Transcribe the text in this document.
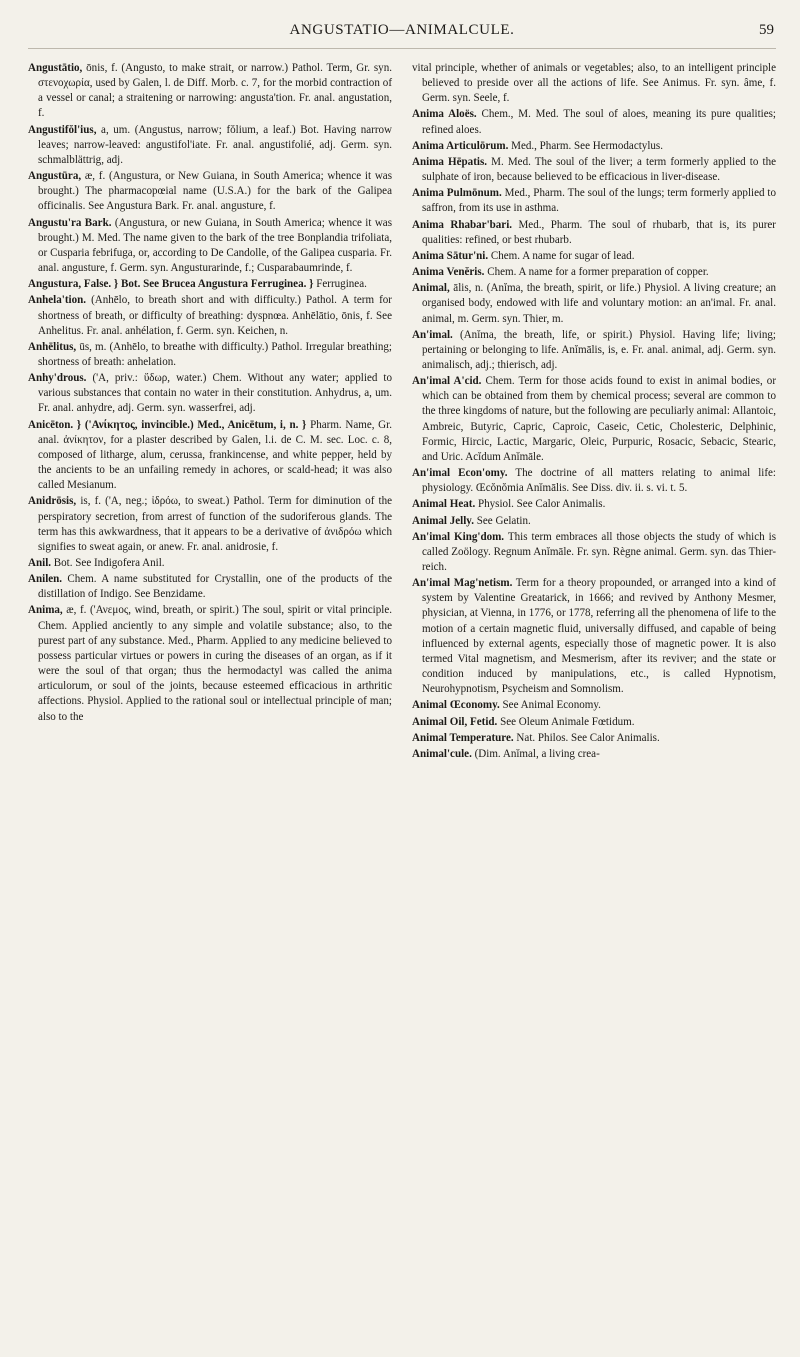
ANGUSTATIO—ANIMALCULE.	59

Angustātio, ōnis, f. (Angusto, to make strait, or narrow.) Pathol. Term, Gr. syn. στενοχωρία, used by Galen, l. de Diff. Morb. c. 7, for the morbid contraction of a vessel or canal; a straitening or narrowing: angusta'tion. Fr. anal. angustation, f.

Angustifŏl'ius, a, um. (Angustus, narrow; fŏlium, a leaf.) Bot. Having narrow leaves; narrow-leaved: angustifol'iate. Fr. anal. angustifolié, adj. Germ. syn. schmalblättrig, adj.

Angustūra, æ, f. (Angustura, or New Guiana, in South America; whence it was brought.) The pharmacopœial name (U.S.A.) for the bark of the Galipea officinalis. See Angustura Bark. Fr. anal. angusture, f.

Angustu'ra Bark. (Angustura, or new Guiana, in South America; whence it was brought.) M. Med. The name given to the bark of the tree Bonplandia trifoliata, or Cusparia febrifuga, or, according to De Candolle, of the Galipea cusparia. Fr. anal. angusture, f. Germ. syn. Angusturarinde, f.; Cusparabaumrinde, f.

Angustura, False. } Bot. See Brucea Angustura Ferruginea. } Ferruginea.

Anhela'tion. (Anhēlo, to breath short and with difficulty.) Pathol. A term for shortness of breath, or difficulty of breathing: dyspnœa. Anhēlātio, ōnis, f. See Anhelitus. Fr. anal. anhélation, f. Germ. syn. Keichen, n.

Anhēlitus, ūs, m. (Anhēlo, to breathe with difficulty.) Pathol. Irregular breathing; shortness of breath: anhelation.

Anhy'drous. ('A, priv.: ὕδωρ, water.) Chem. Without any water; applied to various substances that contain no water in their constitution. Anhydrus, a, um. Fr. anal. anhydre, adj. Germ. syn. wasserfrei, adj.

Anicēton. } ('Ανίκητος, invincible.) Med., Anicētum, i, n. } Pharm. Name, Gr. anal. ἀνίκητον, for a plaster described by Galen, l.i. de C. M. sec. Loc. c. 8, composed of litharge, alum, cerussa, frankincense, and white pepper, held by the ancients to be an unfailing remedy in achores, or scald-head; it was also called Mesianum.

Anidrōsis, is, f. ('A, neg.; ἱδρόω, to sweat.) Pathol. Term for diminution of the perspiratory secretion, from arrest of function of the sudoriferous glands. The term has this awkwardness, that it appears to be a derivative of ἀνιδρόω which signifies to sweat again, or anew. Fr. anal. anidrosie, f.

Anil. Bot. See Indigofera Anil.

Anilen. Chem. A name substituted for Crystallin, one of the products of the distillation of Indigo. See Benzidame.

Anima, æ, f. ('Ανεμος, wind, breath, or spirit.) The soul, spirit or vital principle. Chem. Applied anciently to any simple and volatile substance; also, to the purest part of any substance. Med., Pharm. Applied to any medicine believed to possess particular virtues or powers in curing the diseases of an organ, as if it were the soul of that organ; thus the hermodactyl was called the anima articulorum, or soul of the joints, because esteemed efficacious in arthritic affections. Physiol. Applied to the rational soul or intellectual principle of man; also to the

vital principle, whether of animals or vegetables; also, to an intelligent principle believed to preside over all the actions of life. See Animus. Fr. syn. âme, f. Germ. syn. Seele, f.

Anima Aloës. Chem., M. Med. The soul of aloes, meaning its pure qualities; refined aloes.

Anima Articulōrum. Med., Pharm. See Hermodactylus.

Anima Hēpatis. M. Med. The soul of the liver; a term formerly applied to the sulphate of iron, because believed to be efficacious in liver-disease.

Anima Pulmōnum. Med., Pharm. The soul of the lungs; term formerly applied to saffron, from its use in asthma.

Anima Rhabar'bari. Med., Pharm. The soul of rhubarb, that is, its purer qualities: refined, or best rhubarb.

Anima Sātur'ni. Chem. A name for sugar of lead.

Anima Venĕris. Chem. A name for a former preparation of copper.

Animal, ālis, n. (Anĭma, the breath, spirit, or life.) Physiol. A living creature; an organised body, endowed with life and voluntary motion: an an'imal. Fr. anal. animal, m. Germ. syn. Thier, m.

An'imal. (Anĭma, the breath, life, or spirit.) Physiol. Having life; living; pertaining or belonging to life. Anĭmālis, is, e. Fr. anal. animal, adj. Germ. syn. animalisch, adj.; thierisch, adj.

An'imal A'cid. Chem. Term for those acids found to exist in animal bodies, or which can be obtained from them by chemical process; several are common to the three kingdoms of nature, but the following are peculiarly animal: Allantoic, Ambreic, Butyric, Capric, Caproic, Caseic, Cetic, Cholesteric, Delphinic, Formic, Hircic, Lactic, Margaric, Oleic, Purpuric, Rosacic, Sebacic, Stearic, and Uric. Acĭdum Anĭmāle.

An'imal Econ'omy. The doctrine of all matters relating to animal life: physiology. Œcŏnŏmia Anĭmālis. See Diss. div. ii. s. vi. t. 5.

Animal Heat. Physiol. See Calor Animalis.

Animal Jelly. See Gelatin.

An'imal King'dom. This term embraces all those objects the study of which is called Zoölogy. Regnum Anĭmāle. Fr. syn. Règne animal. Germ. syn. das Thier-reich.

An'imal Mag'netism. Term for a theory propounded, or arranged into a kind of system by Valentine Greatarick, in 1666; and revived by Anthony Mesmer, physician, at Vienna, in 1776, or 1778, referring all the phenomena of life to the motion of a certain magnetic fluid, universally diffused, and capable of being influenced by external agents, especially those of magnetic power. It is also termed Vital magnetism, and Mesmerism, after its reviver; and the state or condition induced by manipulations, etc., is called Hypnotism, Neurohypnotism, Psycheism and Somnolism.

Animal Œconomy. See Animal Economy.

Animal Oil, Fetid. See Oleum Animale Fœtidum.

Animal Temperature. Nat. Philos. See Calor Animalis.

Animal'cule. (Dim. Anĭmal, a living crea-
